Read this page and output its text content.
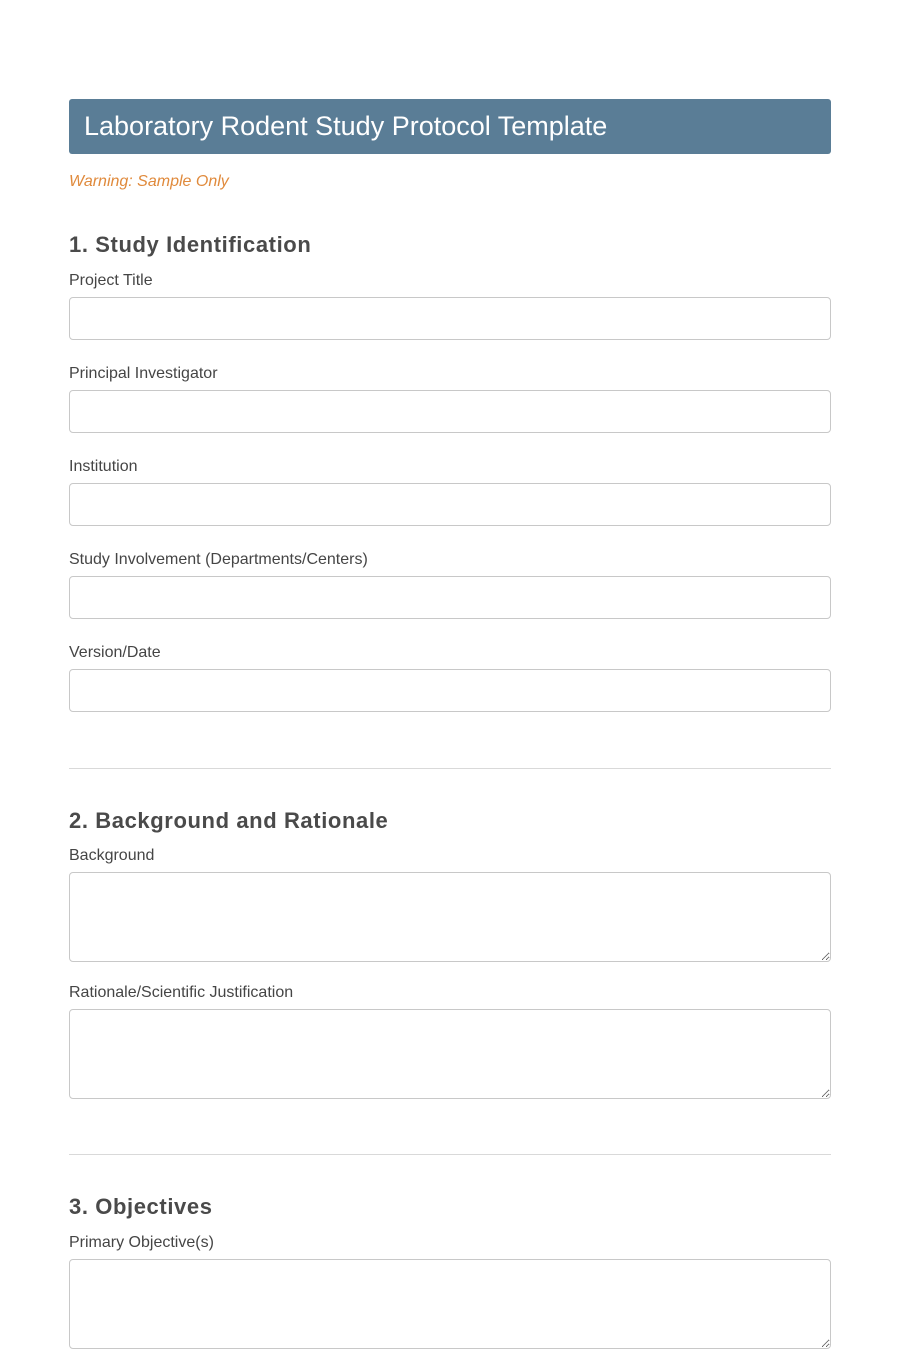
Laboratory Rodent Study Protocol Template
Warning: Sample Only
1. Study Identification
Project Title
Principal Investigator
Institution
Study Involvement (Departments/Centers)
Version/Date
2. Background and Rationale
Background
Rationale/Scientific Justification
3. Objectives
Primary Objective(s)
